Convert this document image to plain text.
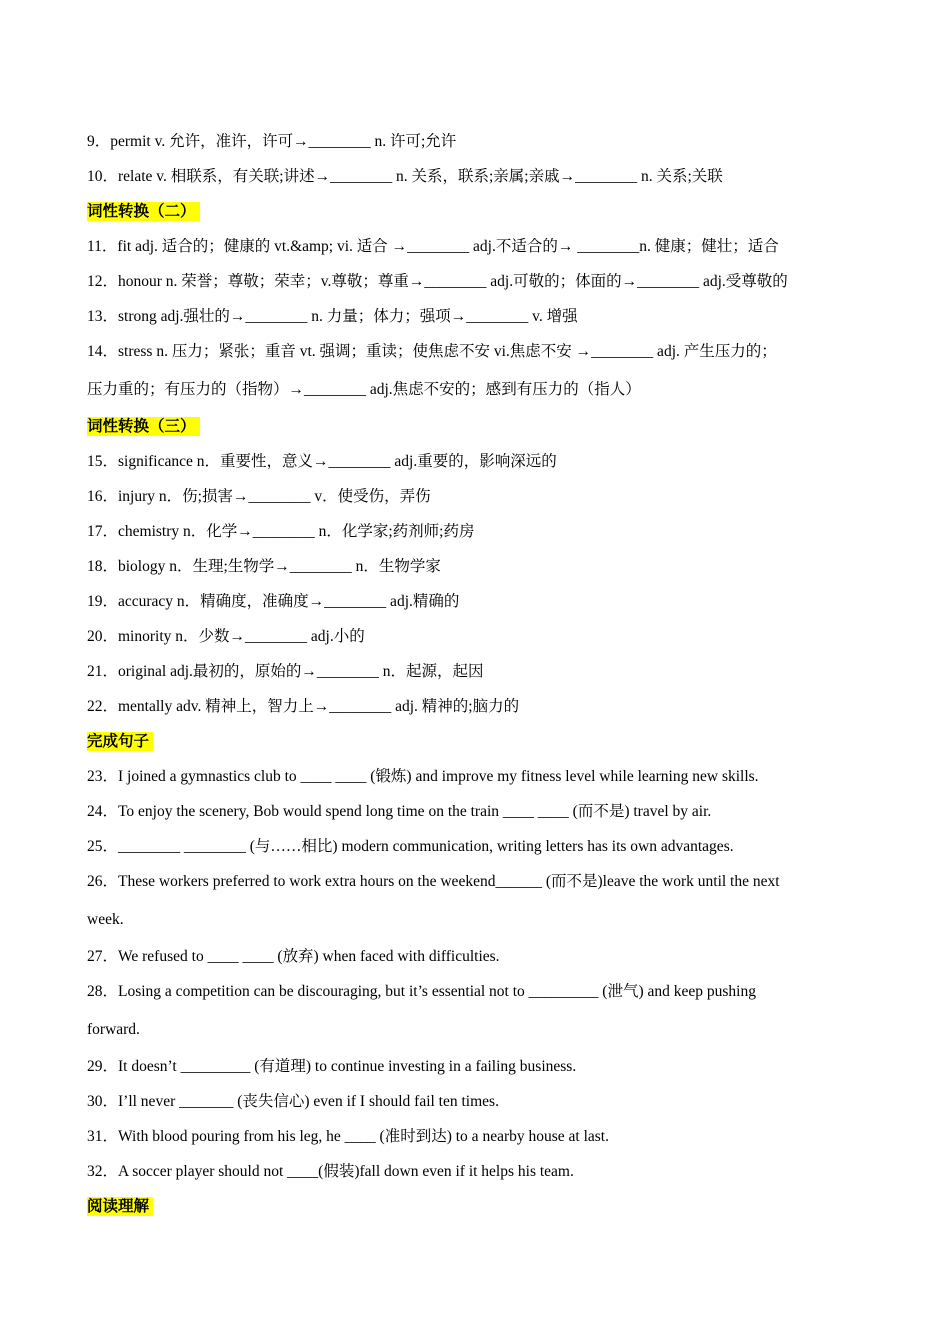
9．permit v. 允许，准许，许可→________ n. 许可;允许
10．relate v. 相联系，有关联;讲述→________ n. 关系，联系;亲属;亲戚→________ n. 关系;关联
词性转换（二）
11．fit adj. 适合的；健康的 vt.&amp; vi. 适合 →________ adj.不适合的→ ________n. 健康；健壮；适合
12．honour n. 荣誉；尊敬；荣幸；v.尊敬；尊重→________ adj.可敬的；体面的→________ adj.受尊敬的
13．strong adj.强壮的→________ n. 力量；体力；强项→________ v. 增强
14．stress n. 压力；紧张；重音 vt. 强调；重读；使焦虑不安 vi.焦虑不安 →________ adj. 产生压力的；
压力重的；有压力的（指物）→________ adj.焦虑不安的；感到有压力的（指人）
词性转换（三）
15．significance n．重要性，意义→________ adj.重要的，影响深远的
16．injury n．伤;损害→________ v．使受伤，弄伤
17．chemistry n．化学→________ n．化学家;药剂师;药房
18．biology n．生理;生物学→________ n．生物学家
19．accuracy n．精确度，准确度→________ adj.精确的
20．minority n．少数→________ adj.小的
21．original adj.最初的，原始的→________ n．起源，起因
22．mentally adv. 精神上，智力上→________ adj. 精神的;脑力的
完成句子
23．I joined a gymnastics club to ____ ____ (锻炼) and improve my fitness level while learning new skills.
24．To enjoy the scenery, Bob would spend long time on the train ____ ____ (而不是) travel by air.
25．________ ________ (与……相比) modern communication, writing letters has its own advantages.
26．These workers preferred to work extra hours on the weekend______ (而不是)leave the work until the next
week.
27．We refused to ____ ____ (放弃) when faced with difficulties.
28．Losing a competition can be discouraging, but it’s essential not to _________ (泄气) and keep pushing
forward.
29．It doesn’t _________ (有道理) to continue investing in a failing business.
30．I’ll never _______ (丧失信心) even if I should fail ten times.
31．With blood pouring from his leg, he ____ (准时到达) to a nearby house at last.
32．A soccer player should not ____(假装)fall down even if it helps his team.
阅读理解
